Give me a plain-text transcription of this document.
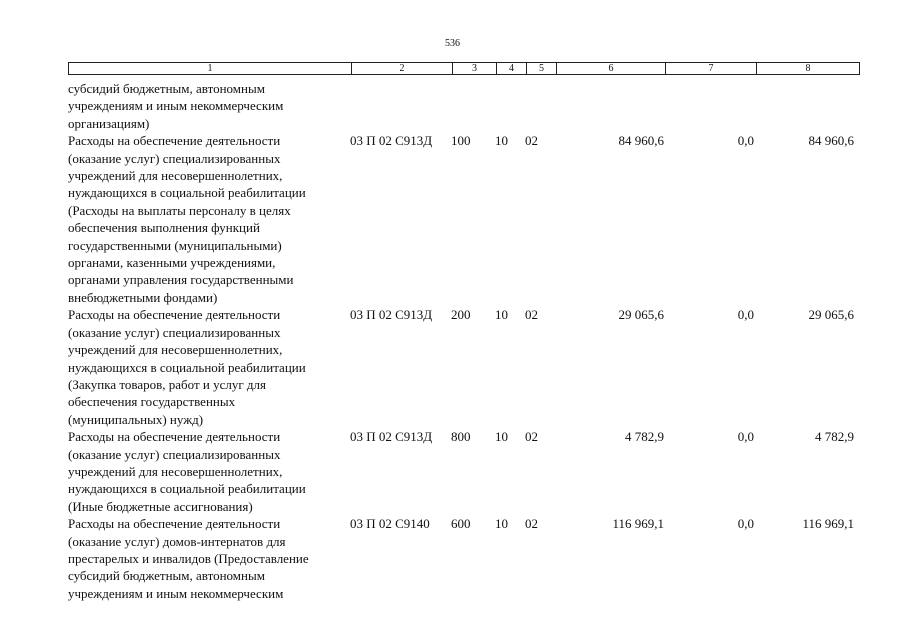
536
1	2	3	4	5	6	7	8
субсидий бюджетным, автономным
учреждениям и иным некоммерческим
организациям)
Расходы на обеспечение деятельности
(оказание услуг) специализированных
учреждений для несовершеннолетних,
нуждающихся в социальной реабилитации
(Расходы на выплаты персоналу в целях
обеспечения выполнения функций
государственными (муниципальными)
органами, казенными учреждениями,
органами управления государственными
внебюджетными фондами)
03 П 02 С913Д 100 10 02	84 960,6	0,0	84 960,6
Расходы на обеспечение деятельности
(оказание услуг) специализированных
учреждений для несовершеннолетних,
нуждающихся в социальной реабилитации
(Закупка товаров, работ и услуг для
обеспечения государственных
(муниципальных) нужд)
03 П 02 С913Д 200 10 02	29 065,6	0,0	29 065,6
Расходы на обеспечение деятельности
(оказание услуг) специализированных
учреждений для несовершеннолетних,
нуждающихся в социальной реабилитации
(Иные бюджетные ассигнования)
03 П 02 С913Д 800 10 02	4 782,9	0,0	4 782,9
Расходы на обеспечение деятельности
(оказание услуг) домов-интернатов для
престарелых и инвалидов (Предоставление
субсидий бюджетным, автономным
учреждениям и иным некоммерческим
03 П 02 С9140 600 10 02	116 969,1	0,0	116 969,1
